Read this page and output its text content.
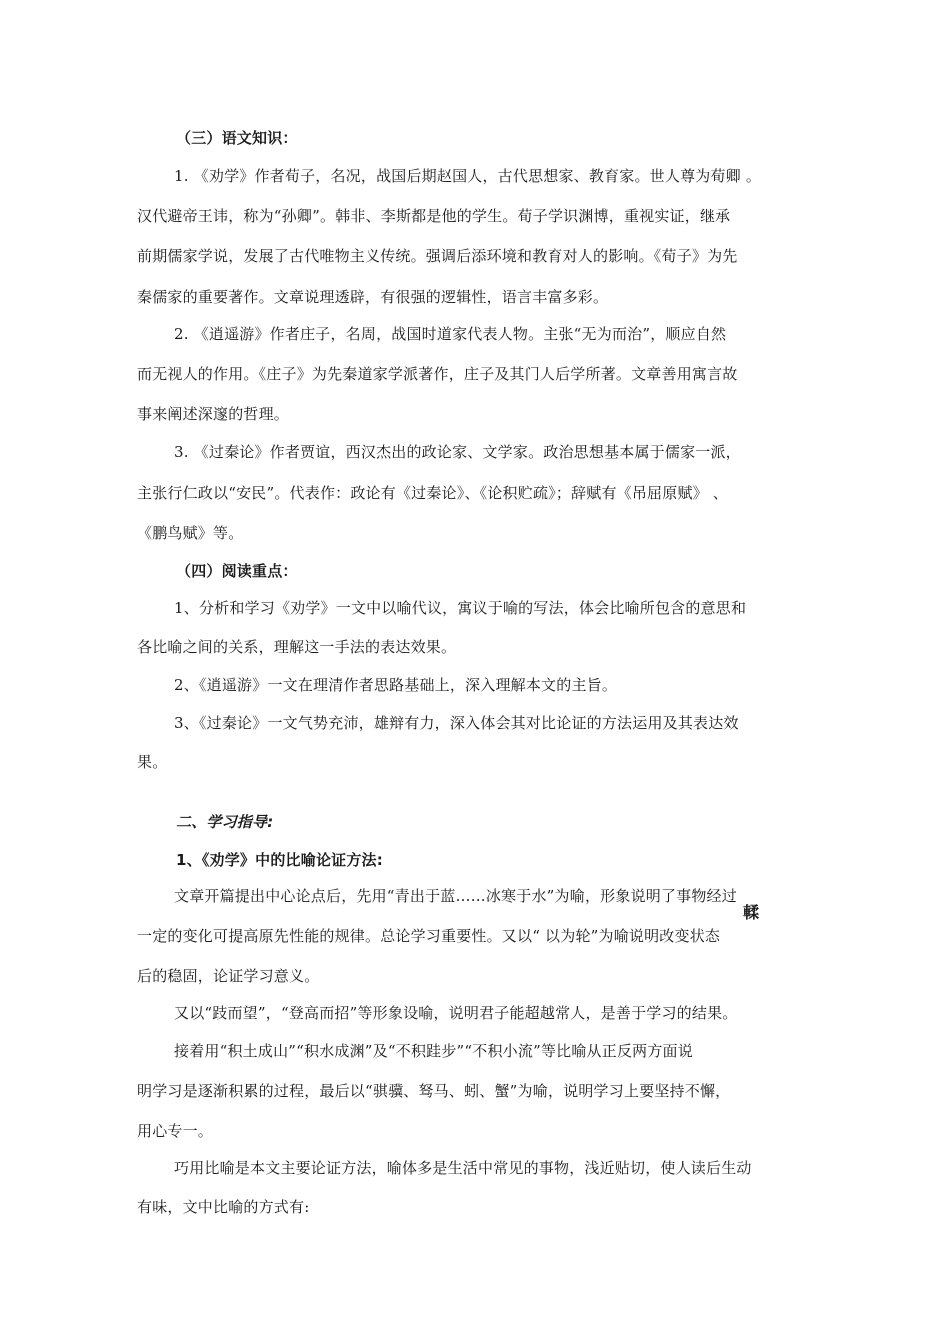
（三）语文知识：
1. 《劝学》作者荀子，名况，战国后期赵国人，古代思想家、教育家。世人尊为荀卿 。
汉代避帝王讳，称为“孙卿”。韩非、李斯都是他的学生。荀子学识渊博，重视实证，继承
前期儒家学说，发展了古代唯物主义传统。强调后添环境和教育对人的影响。《荀子》为先
秦儒家的重要著作。文章说理透辟，有很强的逻辑性，语言丰富多彩。
2. 《逍遥游》作者庄子，名周，战国时道家代表人物。主张“无为而治”，顺应自然
而无视人的作用。《庄子》为先秦道家学派著作，庄子及其门人后学所著。文章善用寓言故
事来阐述深邃的哲理。
3. 《过秦论》作者贾谊，西汉杰出的政论家、文学家。政治思想基本属于儒家一派，
主张行仁政以“安民”。代表作：政论有《过秦论》、《论积贮疏》；辞赋有《吊屈原赋》 、
《鹏鸟赋》等。
（四）阅读重点：
1、分析和学习《劝学》一文中以喻代议，寓议于喻的写法，体会比喻所包含的意思和
各比喻之间的关系，理解这一手法的表达效果。
2、《逍遥游》一文在理清作者思路基础上，深入理解本文的主旨。
3、《过秦论》一文气势充沛，雄辩有力，深入体会其对比论证的方法运用及其表达效
果。
二、学习指导:
1、《劝学》中的比喻论证方法:
文章开篇提出中心论点后，先用“青出于蓝……冰寒于水”为喻，形象说明了事物经过
輮
一定的变化可提高原先性能的规律。总论学习重要性。又以“ 以为轮”为喻说明改变状态
后的稳固，论证学习意义。
又以“跂而望”，“登高而招”等形象设喻，说明君子能超越常人，是善于学习的结果。
接着用“积土成山”“积水成渊”及“不积跬步”“不积小流”等比喻从正反两方面说
明学习是逐渐积累的过程，最后以“骐骥、驽马、蚓、蟹”为喻，说明学习上要坚持不懈，
用心专一。
巧用比喻是本文主要论证方法，喻体多是生活中常见的事物，浅近贴切，使人读后生动
有味，文中比喻的方式有:
